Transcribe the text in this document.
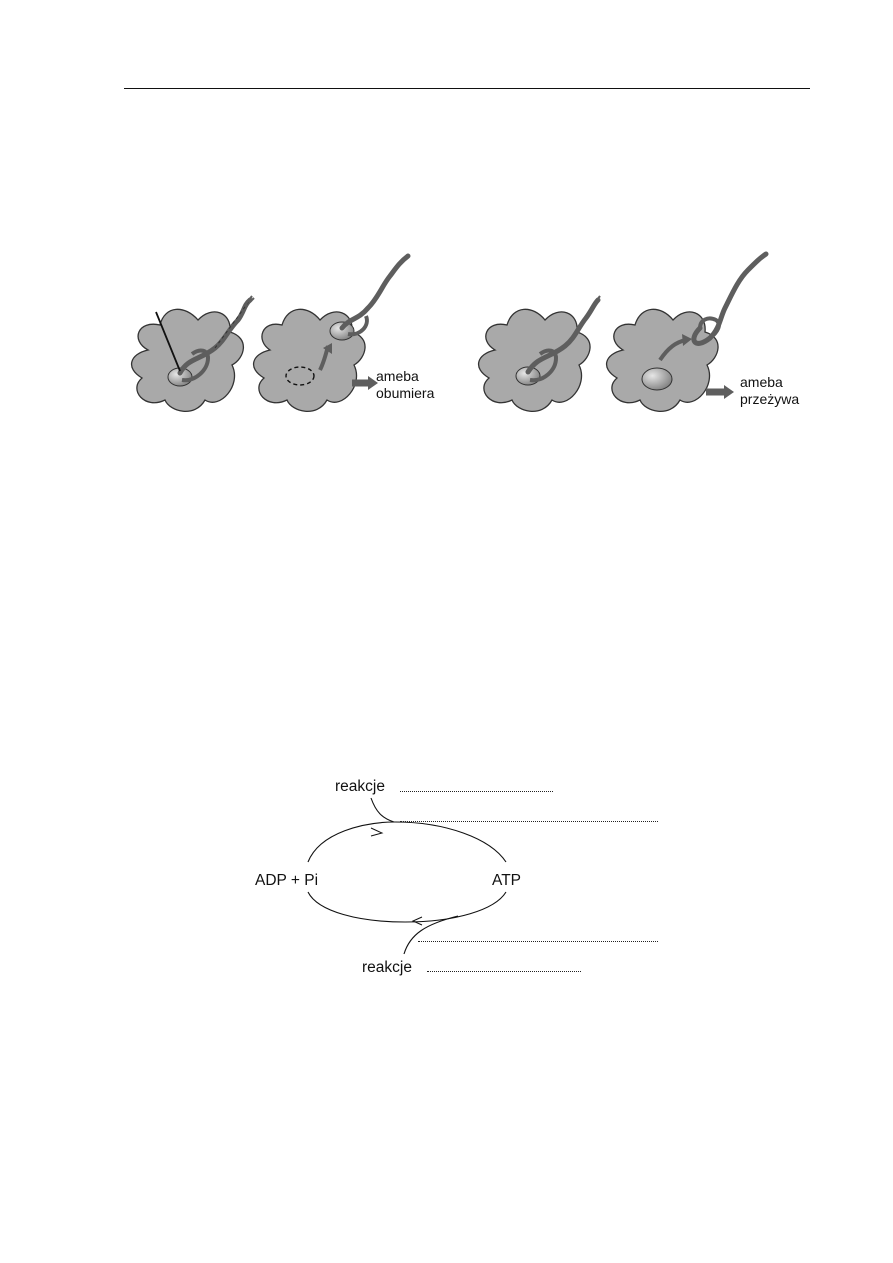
ameba
obumiera
ameba
przeżywa
reakcje
ADP + Pi	ATP
reakcje
